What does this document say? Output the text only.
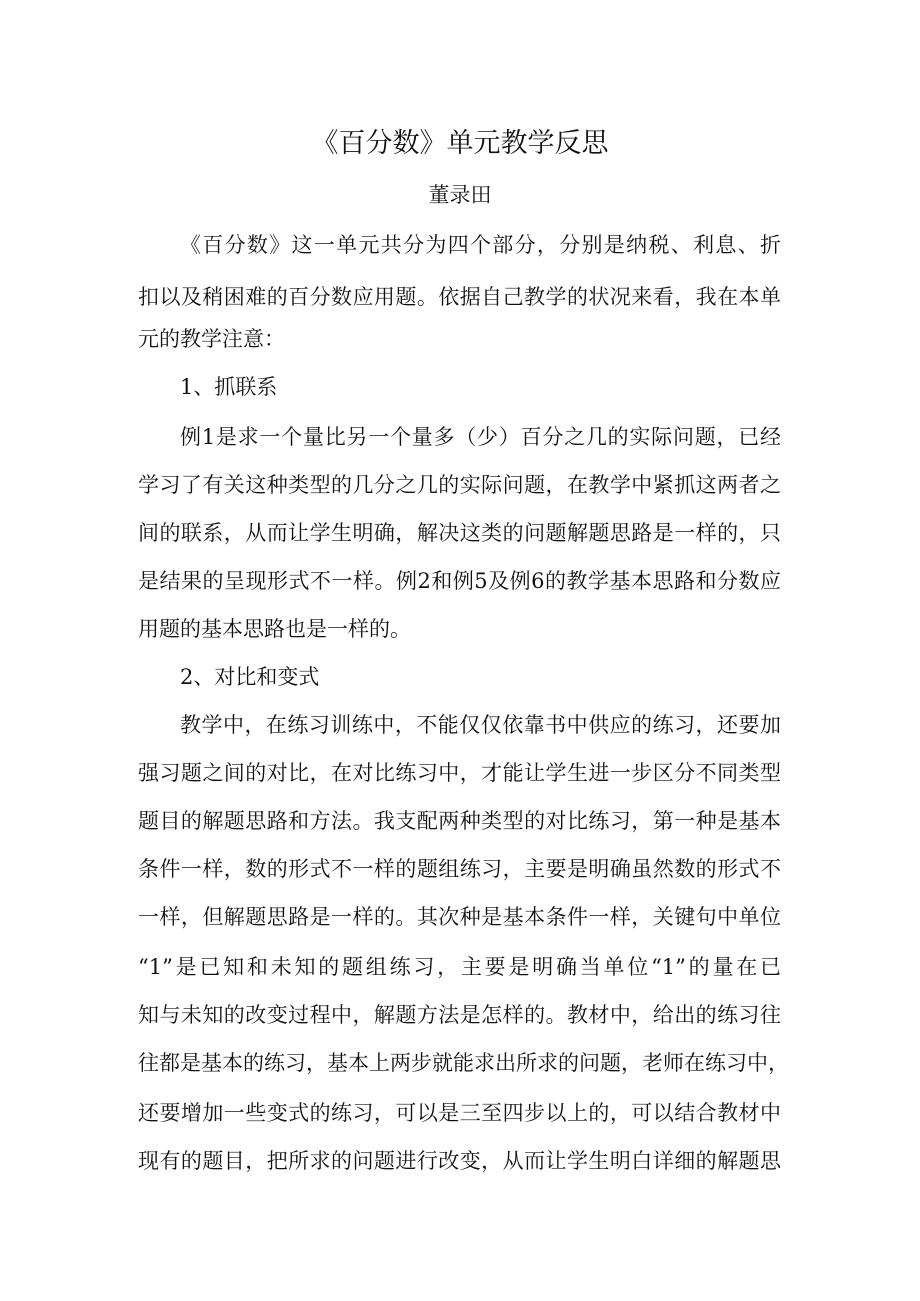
《百分数》单元教学反思
董录田
《百分数》这一单元共分为四个部分，分别是纳税、利息、折
扣以及稍困难的百分数应用题。依据自己教学的状况来看，我在本单
元的教学注意：
1、抓联系
例1是求一个量比另一个量多（少）百分之几的实际问题，已经
学习了有关这种类型的几分之几的实际问题，在教学中紧抓这两者之
间的联系，从而让学生明确，解决这类的问题解题思路是一样的，只
是结果的呈现形式不一样。例2和例5及例6的教学基本思路和分数应
用题的基本思路也是一样的。
2、对比和变式
教学中，在练习训练中，不能仅仅依靠书中供应的练习，还要加
强习题之间的对比，在对比练习中，才能让学生进一步区分不同类型
题目的解题思路和方法。我支配两种类型的对比练习，第一种是基本
条件一样，数的形式不一样的题组练习，主要是明确虽然数的形式不
一样，但解题思路是一样的。其次种是基本条件一样，关键句中单位
“1”是已知和未知的题组练习，主要是明确当单位“1”的量在已
知与未知的改变过程中，解题方法是怎样的。教材中，给出的练习往
往都是基本的练习，基本上两步就能求出所求的问题，老师在练习中，
还要增加一些变式的练习，可以是三至四步以上的，可以结合教材中
现有的题目，把所求的问题进行改变，从而让学生明白详细的解题思
